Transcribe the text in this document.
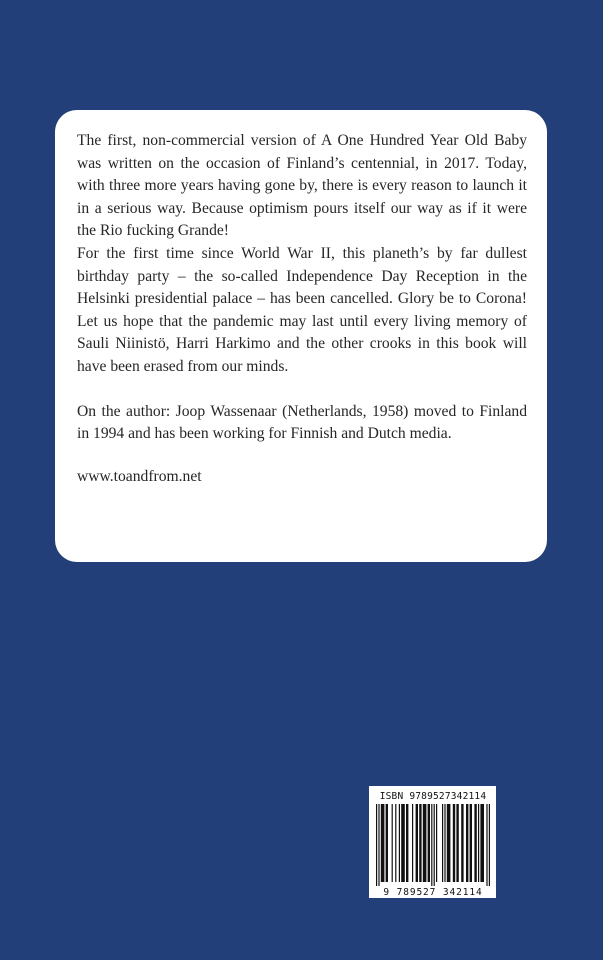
The first, non-commercial version of A One Hundred Year Old Baby was written on the occasion of Finland’s centennial, in 2017. Today, with three more years having gone by, there is every reason to launch it in a serious way. Because optimism pours itself our way as if it were the Rio fucking Grande!

For the first time since World War II, this planeth’s by far dullest birthday party – the so-called Independence Day Reception in the Helsinki presidential palace – has been cancelled. Glory be to Corona! Let us hope that the pandemic may last until every living memory of Sauli Niinistö, Harri Harkimo and the other crooks in this book will have been erased from our minds.

On the author: Joop Wassenaar (Netherlands, 1958) moved to Finland in 1994 and has been working for Finnish and Dutch media.

www.toandfrom.net

ISBN 9789527342114
9 789527 342114
